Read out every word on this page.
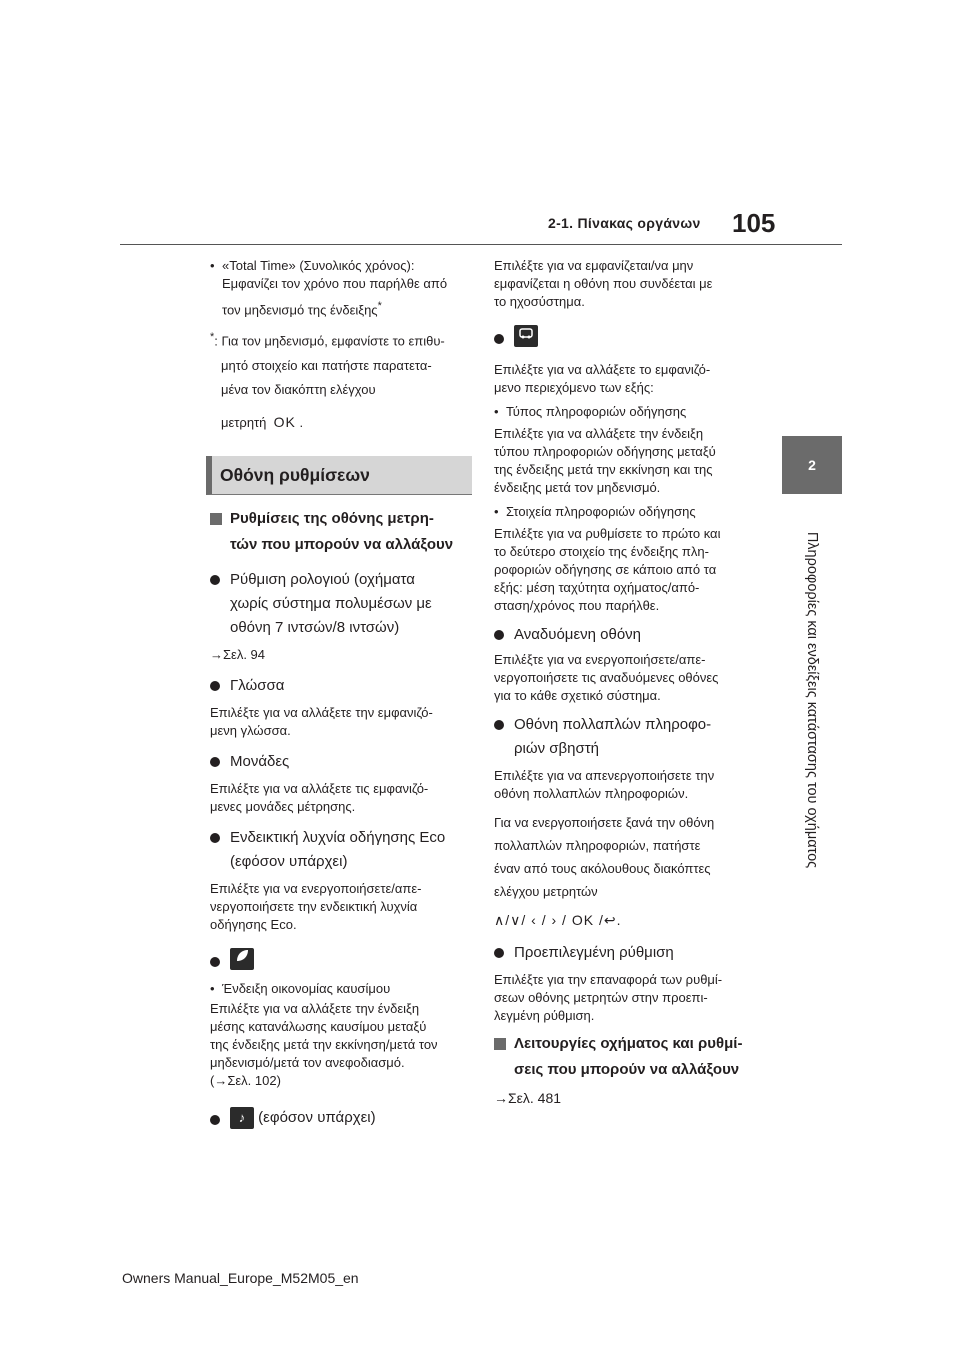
2-1. Πίνακας οργάνων 105
2
Πληροφορίες και ενδείξεις κατάστασης του οχήματος
• «Total Time» (Συνολικός χρόνος):
Εμφανίζει τον χρόνο που παρήλθε από
τον μηδενισμό της ένδειξης*
*: Για τον μηδενισμό, εμφανίστε το επιθυ-
μητό στοιχείο και πατήστε παρατετα-
μένα τον διακόπτη ελέγχου
μετρητή OK .
Οθόνη ρυθμίσεων
Ρυθμίσεις της οθόνης μετρη-
τών που μπορούν να αλλάξουν
Ρύθμιση ρολογιού (οχήματα
χωρίς σύστημα πολυμέσων με
οθόνη 7 ιντσών/8 ιντσών)
→Σελ. 94
Γλώσσα
Επιλέξτε για να αλλάξετε την εμφανιζό-
μενη γλώσσα.
Μονάδες
Επιλέξτε για να αλλάξετε τις εμφανιζό-
μενες μονάδες μέτρησης.
Ενδεικτική λυχνία οδήγησης Eco
(εφόσον υπάρχει)
Επιλέξτε για να ενεργοποιήσετε/απε-
νεργοποιήσετε την ενδεικτική λυχνία
οδήγησης Eco.
• Ένδειξη οικονομίας καυσίμου
Επιλέξτε για να αλλάξετε την ένδειξη
μέσης κατανάλωσης καυσίμου μεταξύ
της ένδειξης μετά την εκκίνηση/μετά τον
μηδενισμό/μετά τον ανεφοδιασμό.
(→Σελ. 102)
♪ (εφόσον υπάρχει)
Επιλέξτε για να εμφανίζεται/να μην
εμφανίζεται η οθόνη που συνδέεται με
το ηχοσύστημα.
Επιλέξτε για να αλλάξετε το εμφανιζό-
μενο περιεχόμενο των εξής:
• Τύπος πληροφοριών οδήγησης
Επιλέξτε για να αλλάξετε την ένδειξη
τύπου πληροφοριών οδήγησης μεταξύ
της ένδειξης μετά την εκκίνηση και της
ένδειξης μετά τον μηδενισμό.
• Στοιχεία πληροφοριών οδήγησης
Επιλέξτε για να ρυθμίσετε το πρώτο και
το δεύτερο στοιχείο της ένδειξης πλη-
ροφοριών οδήγησης σε κάποιο από τα
εξής: μέση ταχύτητα οχήματος/από-
σταση/χρόνος που παρήλθε.
Αναδυόμενη οθόνη
Επιλέξτε για να ενεργοποιήσετε/απε-
νεργοποιήσετε τις αναδυόμενες οθόνες
για το κάθε σχετικό σύστημα.
Οθόνη πολλαπλών πληροφο-
ριών σβηστή
Επιλέξτε για να απενεργοποιήσετε την
οθόνη πολλαπλών πληροφοριών.
Για να ενεργοποιήσετε ξανά την οθόνη
πολλαπλών πληροφοριών, πατήστε
έναν από τους ακόλουθους διακόπτες
ελέγχου μετρητών
∧/∨/ ‹ / › / OK /↩.
Προεπιλεγμένη ρύθμιση
Επιλέξτε για την επαναφορά των ρυθμί-
σεων οθόνης μετρητών στην προεπι-
λεγμένη ρύθμιση.
Λειτουργίες οχήματος και ρυθμί-
σεις που μπορούν να αλλάξουν
→Σελ. 481
Owners Manual_Europe_M52M05_en
